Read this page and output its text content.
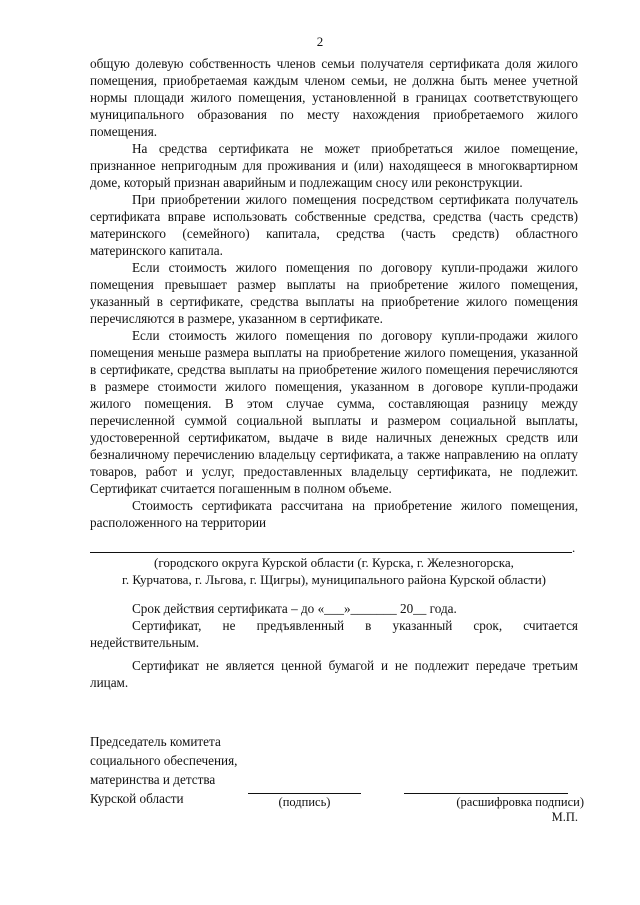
2

общую долевую собственность членов семьи получателя сертификата доля жилого помещения, приобретаемая каждым членом семьи, не должна быть менее учетной нормы площади жилого помещения, установленной в границах соответствующего муниципального образования по месту нахождения приобретаемого жилого помещения.

На средства сертификата не может приобретаться жилое помещение, признанное непригодным для проживания и (или) находящееся в многоквартирном доме, который признан аварийным и подлежащим сносу или реконструкции.

При приобретении жилого помещения посредством сертификата получатель сертификата вправе использовать собственные средства, средства (часть средств) материнского (семейного) капитала, средства (часть средств) областного материнского капитала.

Если стоимость жилого помещения по договору купли-продажи жилого помещения превышает размер выплаты на приобретение жилого помещения, указанный в сертификате, средства выплаты на приобретение жилого помещения перечисляются в размере, указанном в сертификате.

Если стоимость жилого помещения по договору купли-продажи жилого помещения меньше размера выплаты на приобретение жилого помещения, указанной в сертификате, средства выплаты на приобретение жилого помещения перечисляются в размере стоимости жилого помещения, указанном в договоре купли-продажи жилого помещения. В этом случае сумма, составляющая разницу между перечисленной суммой социальной выплаты и размером социальной выплаты, удостоверенной сертификатом, выдаче в виде наличных денежных средств или безналичному перечислению владельцу сертификата, а также направлению на оплату товаров, работ и услуг, предоставленных владельцу сертификата, не подлежит. Сертификат считается погашенным в полном объеме.

Стоимость сертификата рассчитана на приобретение жилого помещения, расположенного на территории

.
(городского округа Курской области (г. Курска, г. Железногорска,
г. Курчатова, г. Льгова, г. Щигры), муниципального района Курской области)

Срок действия сертификата – до «___»_______ 20__ года.

Сертификат, не предъявленный в указанный срок, считается недействительным.

Сертификат не является ценной бумагой и не подлежит передаче третьим лицам.

Председатель комитета
социального обеспечения,
материнства и детства
Курской области	(подпись)	(расшифровка подписи)
М.П.
